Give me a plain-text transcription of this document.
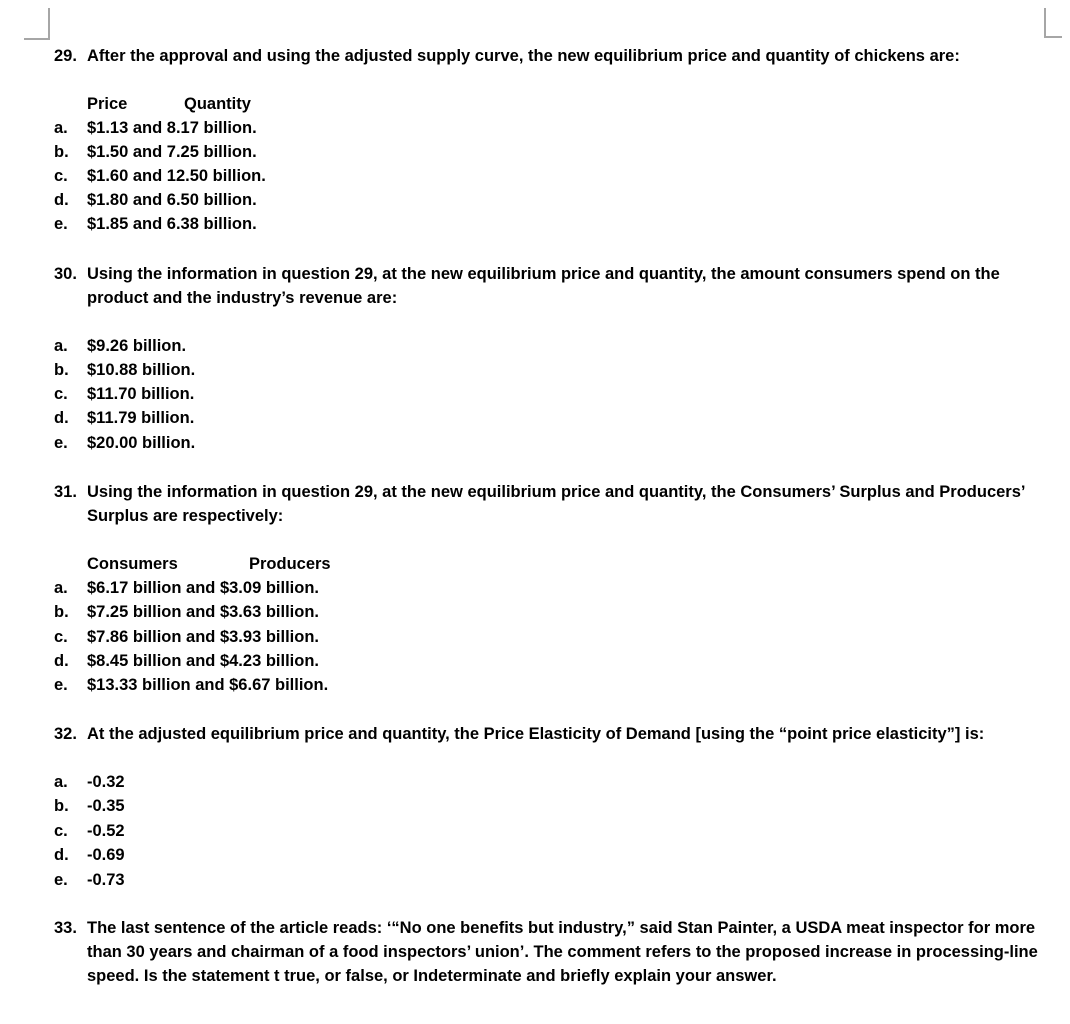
29. After the approval and using the adjusted supply curve, the new equilibrium price and quantity of chickens are:
Price	Quantity
a.	$1.13 and 8.17 billion.
b.	$1.50 and 7.25 billion.
c.	$1.60 and 12.50 billion.
d.	$1.80 and 6.50 billion.
e.	$1.85 and 6.38 billion.
30. Using the information in question 29, at the new equilibrium price and quantity, the amount consumers spend on the product and the industry’s revenue are:
a.	$9.26 billion.
b.	$10.88 billion.
c.	$11.70 billion.
d.	$11.79 billion.
e.	$20.00 billion.
31. Using the information in question 29, at the new equilibrium price and quantity, the Consumers’ Surplus and Producers’ Surplus are respectively:
Consumers	Producers
a.	$6.17 billion and $3.09 billion.
b.	$7.25 billion and $3.63 billion.
c.	$7.86 billion and $3.93 billion.
d.	$8.45 billion and $4.23 billion.
e.	$13.33 billion and $6.67 billion.
32. At the adjusted equilibrium price and quantity, the Price Elasticity of Demand [using the “point price elasticity”] is:
a.	-0.32
b.	-0.35
c.	-0.52
d.	-0.69
e.	-0.73
33. The last sentence of the article reads: ‘“No one benefits but industry,” said Stan Painter, a USDA meat inspector for more than 30 years and chairman of a food inspectors’ union’. The comment refers to the proposed increase in processing-line speed. Is the statement t true, or false, or Indeterminate and briefly explain your answer.
